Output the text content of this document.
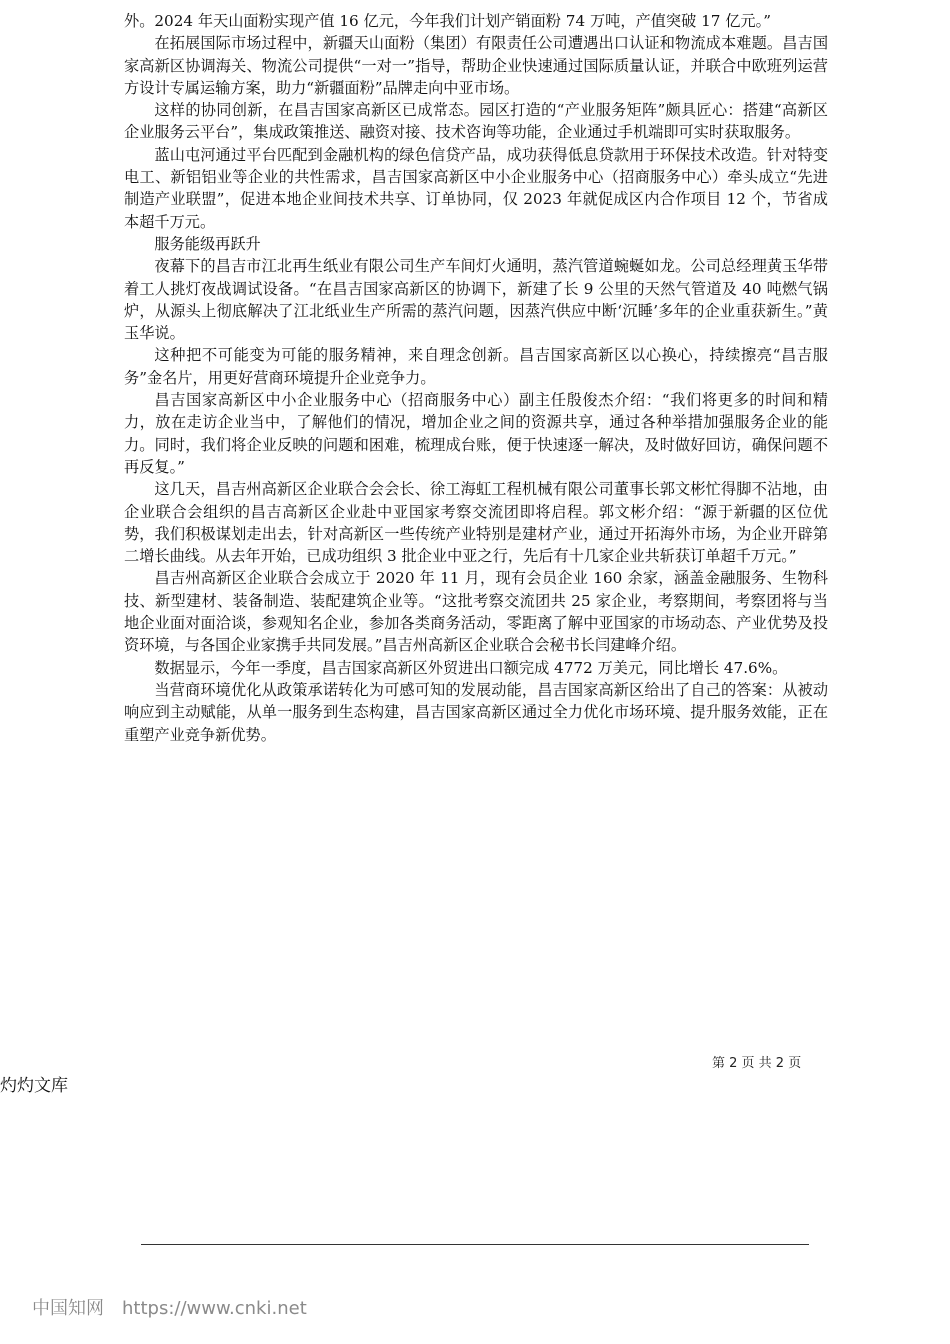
外。2024 年天山面粉实现产值 16 亿元，今年我们计划产销面粉 74 万吨，产值突破 17 亿元。”

在拓展国际市场过程中，新疆天山面粉（集团）有限责任公司遭遇出口认证和物流成本难题。昌吉国家高新区协调海关、物流公司提供“一对一”指导，帮助企业快速通过国际质量认证，并联合中欧班列运营方设计专属运输方案，助力“新疆面粉”品牌走向中亚市场。

这样的协同创新，在昌吉国家高新区已成常态。园区打造的“产业服务矩阵”颇具匠心：搭建“高新区企业服务云平台”，集成政策推送、融资对接、技术咨询等功能，企业通过手机端即可实时获取服务。

蓝山屯河通过平台匹配到金融机构的绿色信贷产品，成功获得低息贷款用于环保技术改造。针对特变电工、新铝铝业等企业的共性需求，昌吉国家高新区中小企业服务中心（招商服务中心）牵头成立“先进制造产业联盟”，促进本地企业间技术共享、订单协同，仅 2023 年就促成区内合作项目 12 个，节省成本超千万元。

服务能级再跃升

夜幕下的昌吉市江北再生纸业有限公司生产车间灯火通明，蒸汽管道蜿蜒如龙。公司总经理黄玉华带着工人挑灯夜战调试设备。“在昌吉国家高新区的协调下，新建了长 9 公里的天然气管道及 40 吨燃气锅炉，从源头上彻底解决了江北纸业生产所需的蒸汽问题，因蒸汽供应中断‘沉睡’多年的企业重获新生。”黄玉华说。

这种把不可能变为可能的服务精神，来自理念创新。昌吉国家高新区以心换心，持续擦亮“昌吉服务”金名片，用更好营商环境提升企业竞争力。

昌吉国家高新区中小企业服务中心（招商服务中心）副主任殷俊杰介绍：“我们将更多的时间和精力，放在走访企业当中，了解他们的情况，增加企业之间的资源共享，通过各种举措加强服务企业的能力。同时，我们将企业反映的问题和困难，梳理成台账，便于快速逐一解决，及时做好回访，确保问题不再反复。”

这几天，昌吉州高新区企业联合会会长、徐工海虹工程机械有限公司董事长郭文彬忙得脚不沾地，由企业联合会组织的昌吉高新区企业赴中亚国家考察交流团即将启程。郭文彬介绍：“源于新疆的区位优势，我们积极谋划走出去，针对高新区一些传统产业特别是建材产业，通过开拓海外市场，为企业开辟第二增长曲线。从去年开始，已成功组织 3 批企业中亚之行，先后有十几家企业共斩获订单超千万元。”

昌吉州高新区企业联合会成立于 2020 年 11 月，现有会员企业 160 余家，涵盖金融服务、生物科技、新型建材、装备制造、装配建筑企业等。“这批考察交流团共 25 家企业，考察期间，考察团将与当地企业面对面洽谈，参观知名企业，参加各类商务活动，零距离了解中亚国家的市场动态、产业优势及投资环境，与各国企业家携手共同发展。”昌吉州高新区企业联合会秘书长闫建峰介绍。

数据显示，今年一季度，昌吉国家高新区外贸进出口额完成 4772 万美元，同比增长 47.6%。

当营商环境优化从政策承诺转化为可感可知的发展动能，昌吉国家高新区给出了自己的答案：从被动响应到主动赋能，从单一服务到生态构建，昌吉国家高新区通过全力优化市场环境、提升服务效能，正在重塑产业竞争新优势。

第 2 页 共 2 页
灼灼文库
中国知网 https://www.cnki.net
